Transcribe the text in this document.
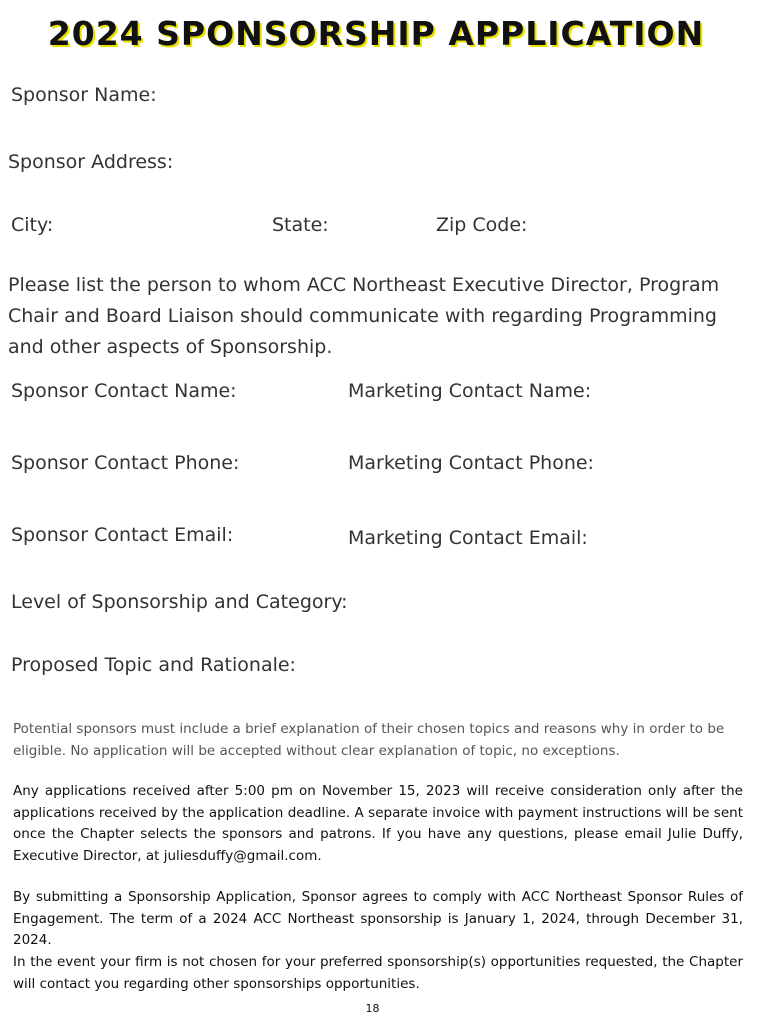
2024 SPONSORSHIP APPLICATION
Sponsor Name:
Sponsor Address:
City:	State:	Zip Code:
Please list the person to whom ACC Northeast Executive Director, Program Chair and Board Liaison should communicate with regarding Programming and other aspects of Sponsorship.
Sponsor Contact Name:	Marketing Contact Name:
Sponsor Contact Phone:	Marketing Contact Phone:
Sponsor Contact Email:	Marketing Contact Email:
Level of Sponsorship and Category:
Proposed Topic and Rationale:
Potential sponsors must include a brief explanation of their chosen topics and reasons why in order to be eligible. No application will be accepted without clear explanation of topic, no exceptions.
Any applications received after 5:00 pm on November 15, 2023 will receive consideration only after the applications received by the application deadline. A separate invoice with payment instructions will be sent once the Chapter selects the sponsors and patrons. If you have any questions, please email Julie Duffy, Executive Director, at juliesduffy@gmail.com.
By submitting a Sponsorship Application, Sponsor agrees to comply with ACC Northeast Sponsor Rules of Engagement. The term of a 2024 ACC Northeast sponsorship is January 1, 2024, through December 31, 2024.
In the event your firm is not chosen for your preferred sponsorship(s) opportunities requested, the Chapter will contact you regarding other sponsorships opportunities.
18
